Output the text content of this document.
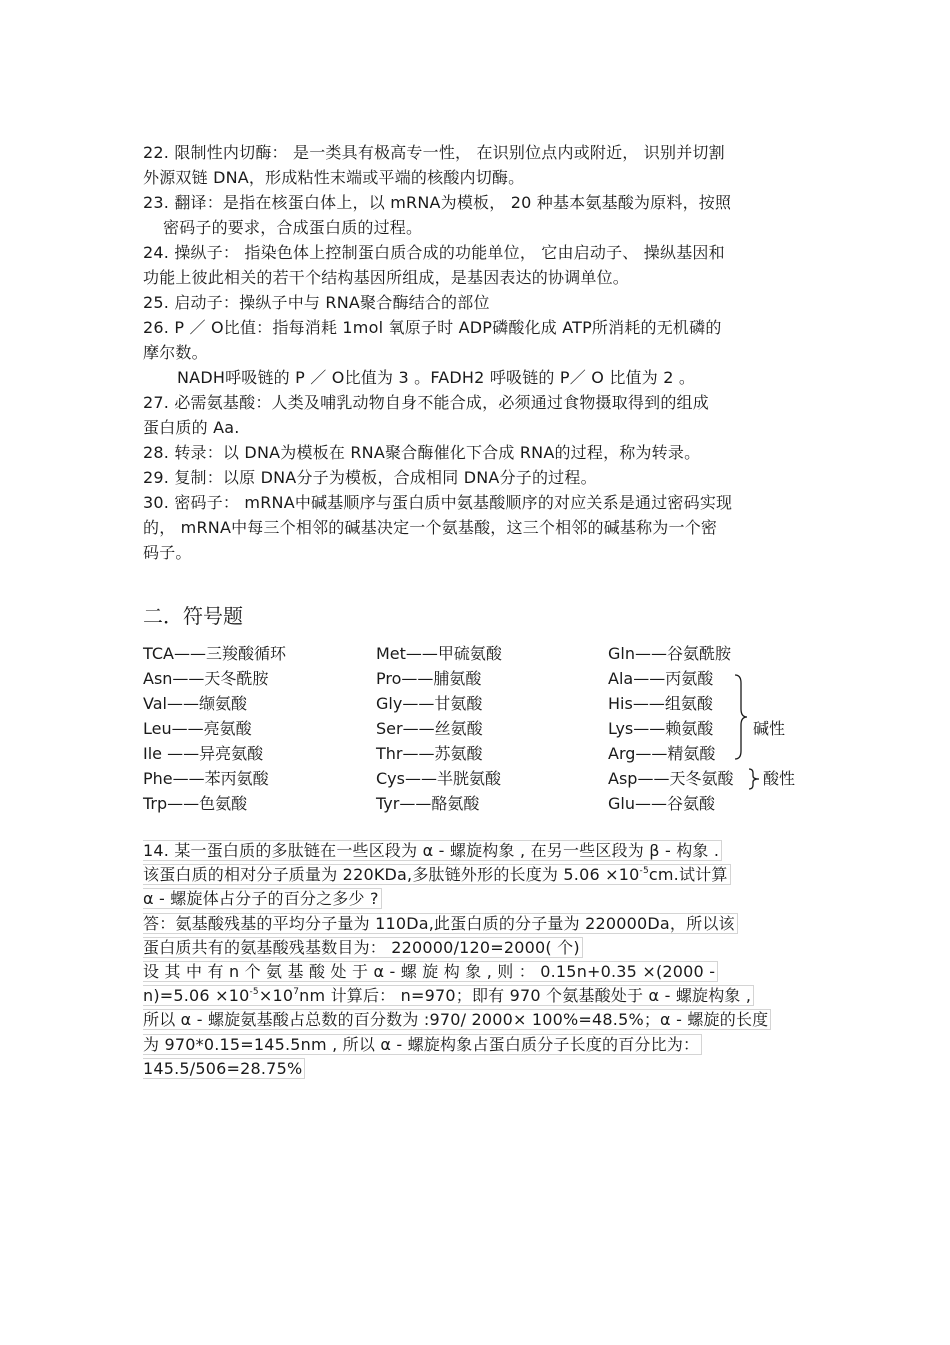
22. 限制性内切酶： 是一类具有极高专一性， 在识别位点内或附近， 识别并切割
外源双链 DNA，形成粘性末端或平端的核酸内切酶。
23. 翻译：是指在核蛋白体上，以 mRNA为模板， 20 种基本氨基酸为原料，按照
密码子的要求，合成蛋白质的过程。
24. 操纵子： 指染色体上控制蛋白质合成的功能单位， 它由启动子、 操纵基因和
功能上彼此相关的若干个结构基因所组成，是基因表达的协调单位。
25. 启动子：操纵子中与 RNA聚合酶结合的部位
26. P ／ O比值：指每消耗 1mol 氧原子时 ADP磷酸化成 ATP所消耗的无机磷的
摩尔数。
NADH呼吸链的 P ／ O比值为 3 。FADH2 呼吸链的 P／ O 比值为 2 。
27. 必需氨基酸：人类及哺乳动物自身不能合成，必须通过食物摄取得到的组成
蛋白质的 Aa.
28. 转录：以 DNA为模板在 RNA聚合酶催化下合成 RNA的过程，称为转录。
29. 复制：以原 DNA分子为模板，合成相同 DNA分子的过程。
30. 密码子： mRNA中碱基顺序与蛋白质中氨基酸顺序的对应关系是通过密码实现
的， mRNA中每三个相邻的碱基决定一个氨基酸，这三个相邻的碱基称为一个密
码子。
二．符号题
TCA——三羧酸循环
Asn——天冬酰胺
Val——缬氨酸
Leu——亮氨酸
Ile ——异亮氨酸
Phe——苯丙氨酸
Trp——色氨酸
Met——甲硫氨酸
Pro——脯氨酸
Gly——甘氨酸
Ser——丝氨酸
Thr——苏氨酸
Cys——半胱氨酸
Tyr——酪氨酸
Gln——谷氨酰胺
Ala——丙氨酸
His——组氨酸
Lys——赖氨酸
Arg——精氨酸
Asp——天冬氨酸
Glu——谷氨酸
碱性
酸性
14. 某一蛋白质的多肽链在一些区段为 α - 螺旋构象 , 在另一些区段为 β - 构象 .
该蛋白质的相对分子质量为 220KDa,多肽链外形的长度为 $5.06 \times 10^{-5}cm$.试计算
α - 螺旋体占分子的百分之多少 ?
答：氨基酸残基的平均分子量为 110Da,此蛋白质的分子量为 220000Da，所以该
蛋白质共有的氨基酸残基数目为： 220000/120=2000( 个)
设 其 中 有 n 个 氨 基 酸 处 于 α - 螺 旋 构 象 , 则 ： 0.15n+0.35 ×(2000 -
$n)=5.06 \times 10^{-5}\times 10^7nm$ 计算后： n=970；即有 970 个氨基酸处于 α - 螺旋构象 ,
所以 α - 螺旋氨基酸占总数的百分数为 :970/ 2000× 100%=48.5%；α - 螺旋的长度
为 970*0.15=145.5nm , 所以 α - 螺旋构象占蛋白质分子长度的百分比为：
145.5/506=28.75%
